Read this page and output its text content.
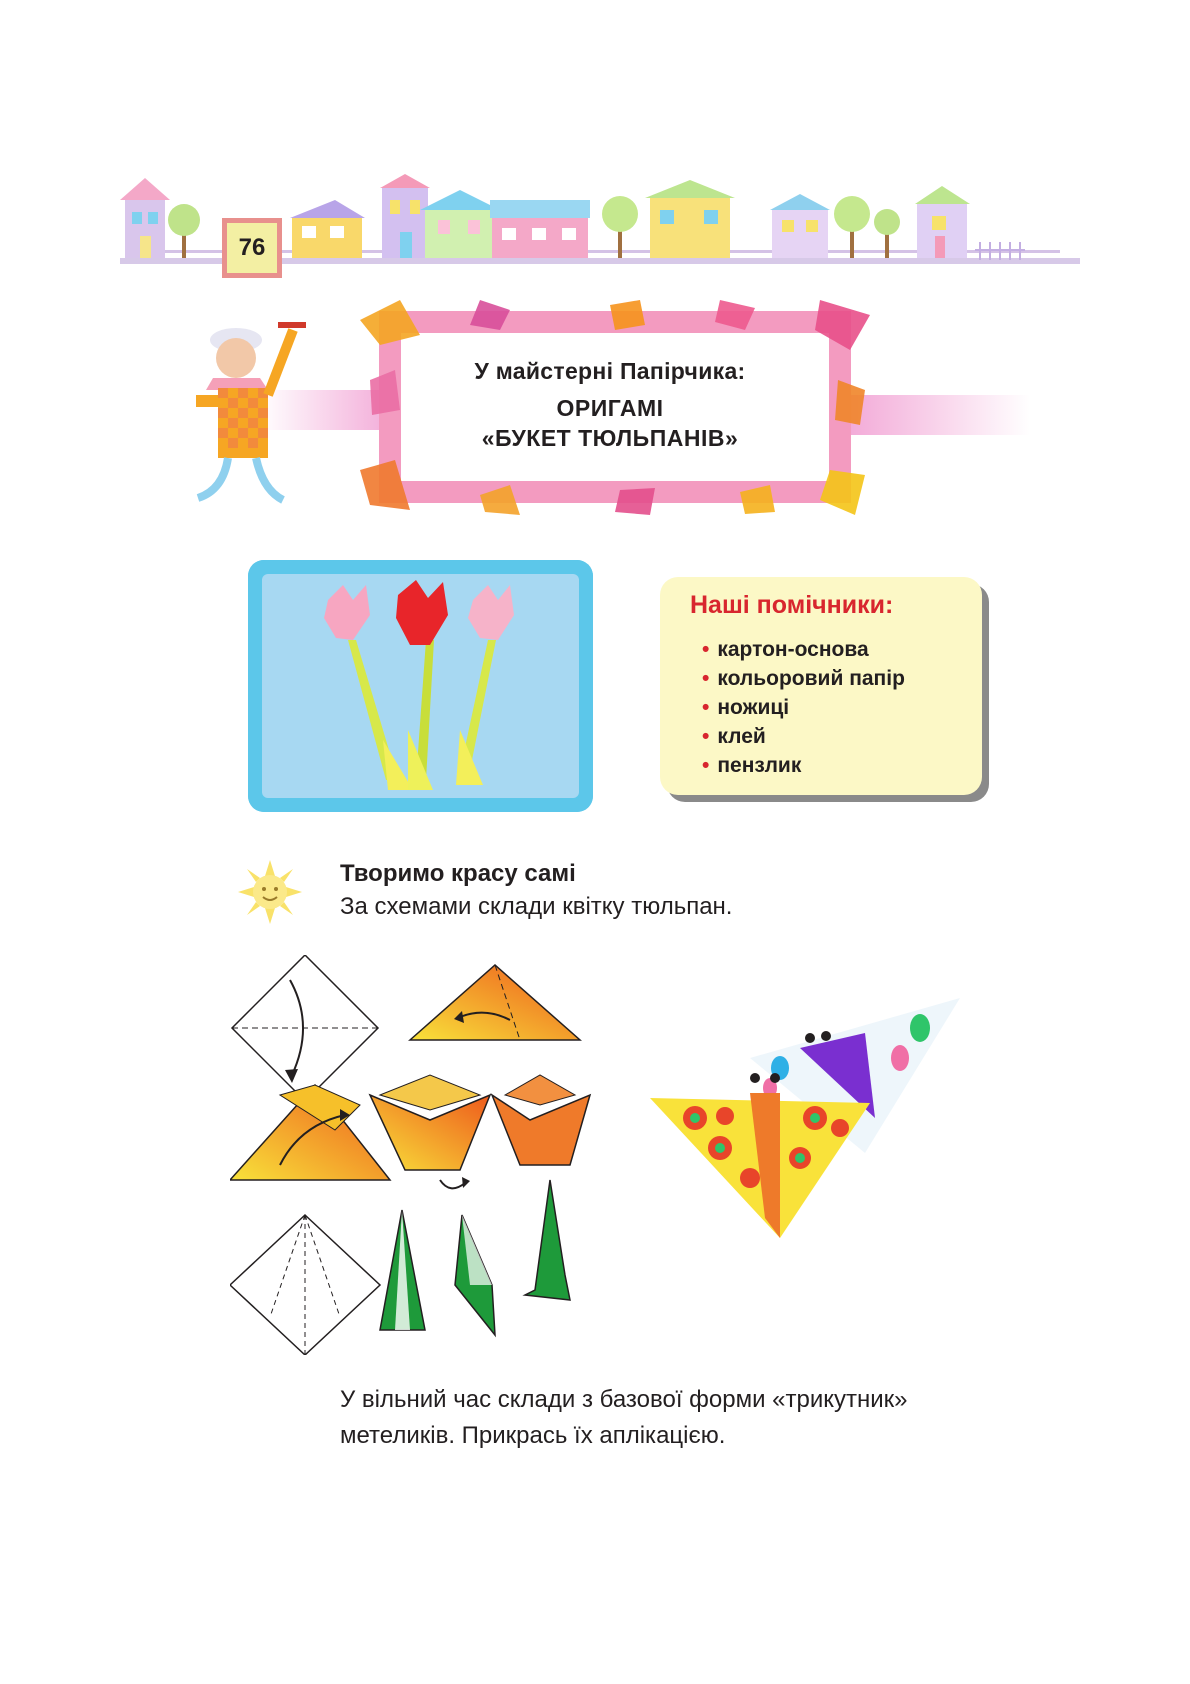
76
У майстерні Папірчика:
ОРИГАМІ
«БУКЕТ ТЮЛЬПАНІВ»
Наші помічники:
• картон-основа
• кольоровий папір
• ножиці
• клей
• пензлик
Творимо красу самі
За схемами склади квітку тюльпан.
У вільний час склади з базової форми «трикутник»
метеликів. Прикрась їх аплікацією.
